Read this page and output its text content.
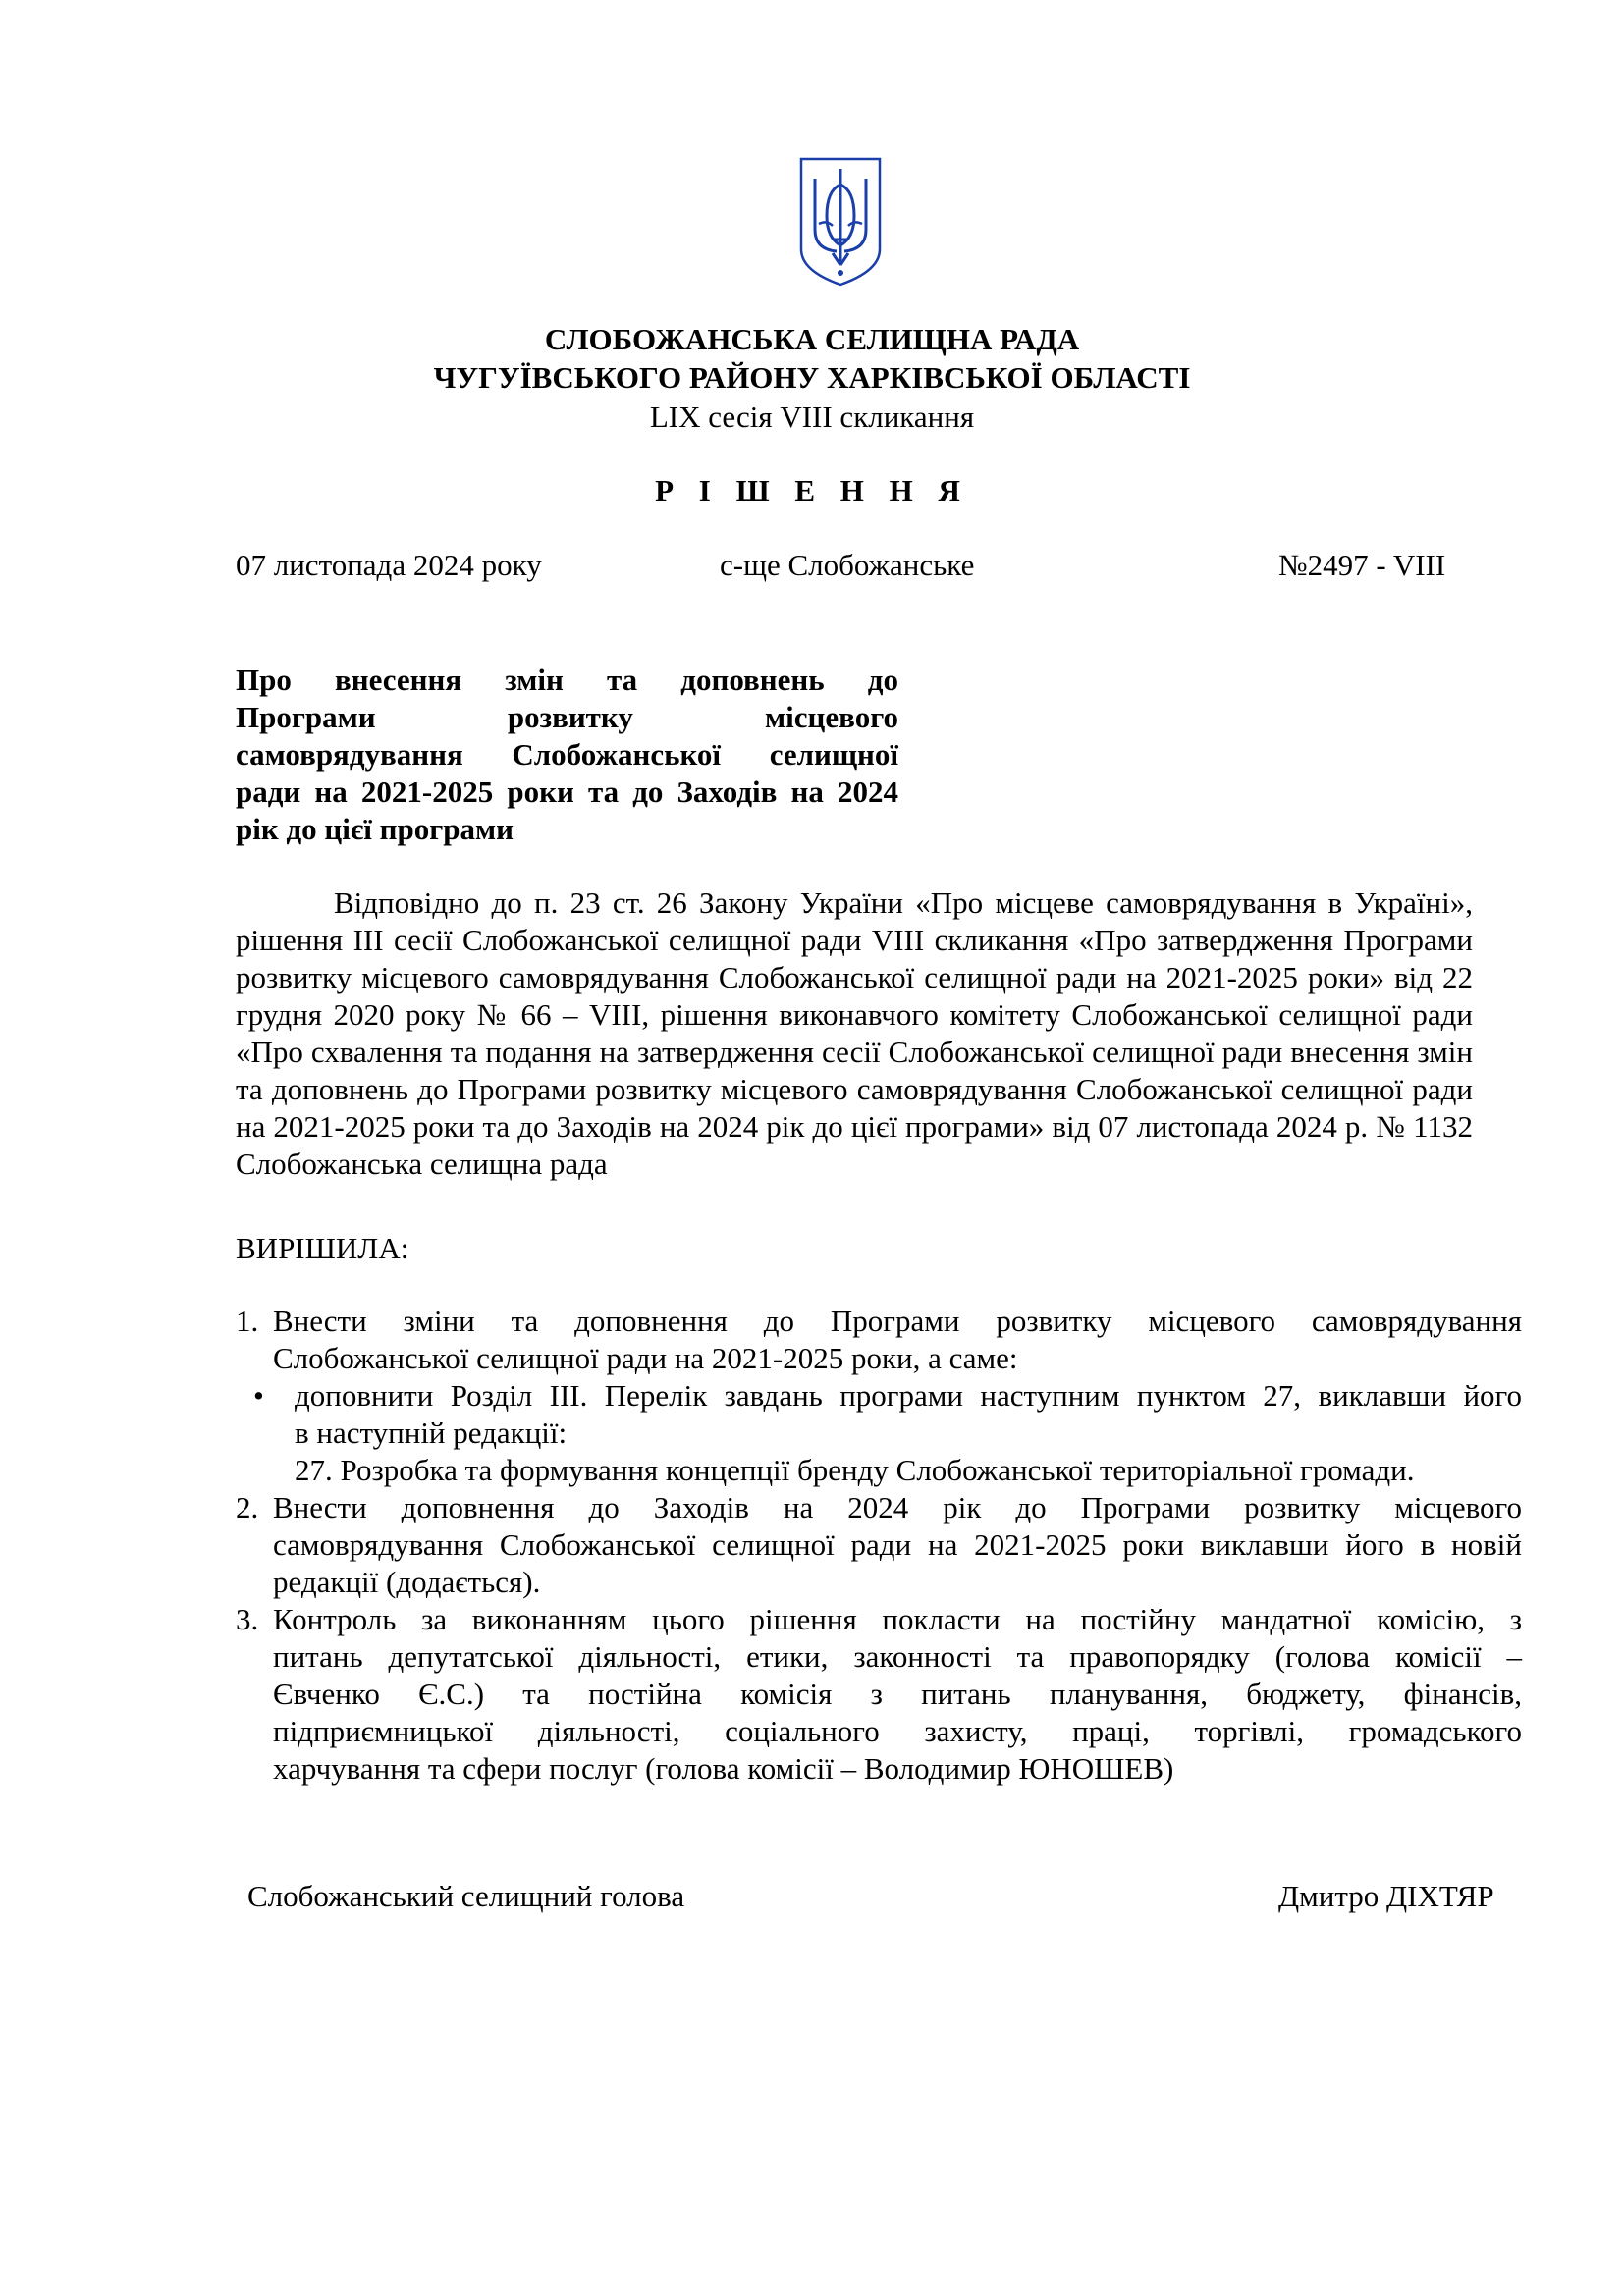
СЛОБОЖАНСЬКА СЕЛИЩНА РАДА
ЧУГУЇВСЬКОГО РАЙОНУ ХАРКІВСЬКОЇ ОБЛАСТІ
LIX сесія VIII скликання
Р І Ш Е Н Н Я
07 листопада 2024 року	с-ще Слобожанське	№2497 - VIII
Про внесення змін та доповнень до
Програми розвитку місцевого
самоврядування Слобожанської селищної
ради на 2021-2025 роки та до Заходів на 2024
рік до цієї програми
Відповідно до п. 23 ст. 26 Закону України «Про місцеве самоврядування в Україні»,
рішення ІІІ сесії Слобожанської селищної ради VIII скликання «Про затвердження Програми
розвитку місцевого самоврядування Слобожанської селищної ради на 2021-2025 роки» від 22
грудня 2020 року № 66 – VIII, рішення виконавчого комітету Слобожанської селищної ради
«Про схвалення та подання на затвердження сесії Слобожанської селищної ради внесення змін
та доповнень до Програми розвитку місцевого самоврядування Слобожанської селищної ради
на 2021-2025 роки та до Заходів на 2024 рік до цієї програми» від 07 листопада 2024 р. № 1132
Слобожанська селищна рада
ВИРІШИЛА:
1. Внести зміни та доповнення до Програми розвитку місцевого самоврядування
Слобожанської селищної ради на 2021-2025 роки, а саме:
• доповнити Розділ ІІІ. Перелік завдань програми наступним пунктом 27, виклавши його
в наступній редакції:
27. Розробка та формування концепції бренду Слобожанської територіальної громади.
2. Внести доповнення до Заходів на 2024 рік до Програми розвитку місцевого
самоврядування Слобожанської селищної ради на 2021-2025 роки виклавши його в новій
редакції (додається).
3. Контроль за виконанням цього рішення покласти на постійну мандатної комісію, з
питань депутатської діяльності, етики, законності та правопорядку (голова комісії –
Євченко Є.С.) та постійна комісія з питань планування, бюджету, фінансів,
підприємницької діяльності, соціального захисту, праці, торгівлі, громадського
харчування та сфери послуг (голова комісії – Володимир ЮНОШЕВ)
Слобожанський селищний голова	Дмитро ДІХТЯР
